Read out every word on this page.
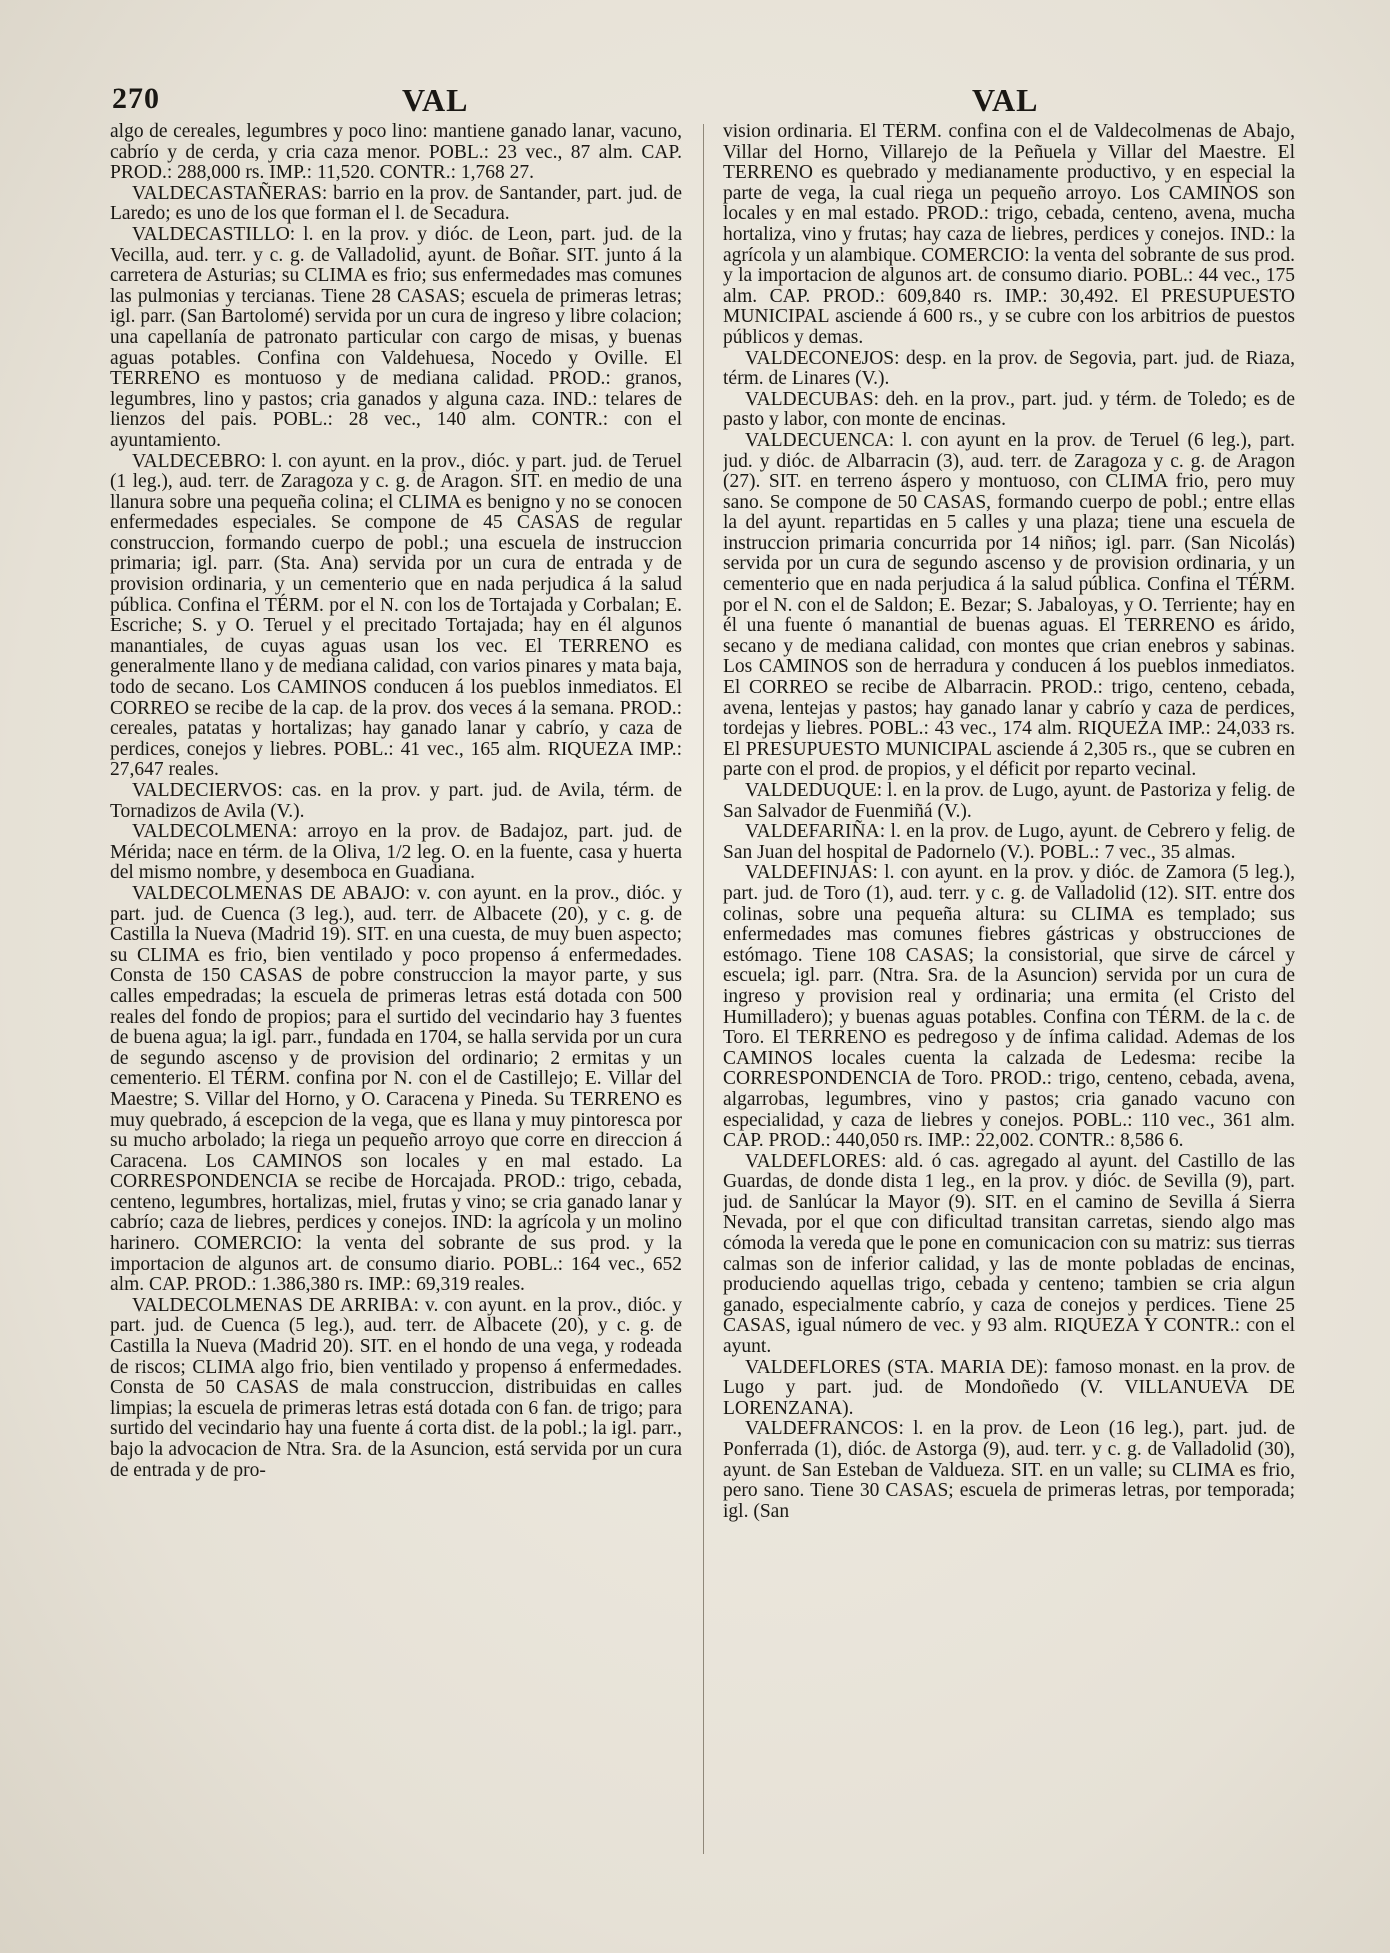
270	VAL	VAL

algo de cereales, legumbres y poco lino: mantiene ganado lanar, vacuno, cabrío y de cerda, y cria caza menor. POBL.: 23 vec., 87 alm. CAP. PROD.: 288,000 rs. IMP.: 11,520. CONTR.: 1,768 27.

VALDECASTAÑERAS: barrio en la prov. de Santander, part. jud. de Laredo; es uno de los que forman el l. de Secadura.

VALDECASTILLO: l. en la prov. y dióc. de Leon, part. jud. de la Vecilla, aud. terr. y c. g. de Valladolid, ayunt. de Boñar. SIT. junto á la carretera de Asturias; su CLIMA es frio; sus enfermedades mas comunes las pulmonias y tercianas. Tiene 28 CASAS; escuela de primeras letras; igl. parr. (San Bartolomé) servida por un cura de ingreso y libre colacion; una capellanía de patronato particular con cargo de misas, y buenas aguas potables. Confina con Valdehuesa, Nocedo y Oville. El TERRENO es montuoso y de mediana calidad. PROD.: granos, legumbres, lino y pastos; cria ganados y alguna caza. IND.: telares de lienzos del pais. POBL.: 28 vec., 140 alm. CONTR.: con el ayuntamiento.

VALDECEBRO: l. con ayunt. en la prov., dióc. y part. jud. de Teruel (1 leg.), aud. terr. de Zaragoza y c. g. de Aragon. SIT. en medio de una llanura sobre una pequeña colina; el CLIMA es benigno y no se conocen enfermedades especiales. Se compone de 45 CASAS de regular construccion, formando cuerpo de pobl.; una escuela de instruccion primaria; igl. parr. (Sta. Ana) servida por un cura de entrada y de provision ordinaria, y un cementerio que en nada perjudica á la salud pública. Confina el TÉRM. por el N. con los de Tortajada y Corbalan; E. Escriche; S. y O. Teruel y el precitado Tortajada; hay en él algunos manantiales, de cuyas aguas usan los vec. El TERRENO es generalmente llano y de mediana calidad, con varios pinares y mata baja, todo de secano. Los CAMINOS conducen á los pueblos inmediatos. El CORREO se recibe de la cap. de la prov. dos veces á la semana. PROD.: cereales, patatas y hortalizas; hay ganado lanar y cabrío, y caza de perdices, conejos y liebres. POBL.: 41 vec., 165 alm. RIQUEZA IMP.: 27,647 reales.

VALDECIERVOS: cas. en la prov. y part. jud. de Avila, térm. de Tornadizos de Avila (V.).

VALDECOLMENA: arroyo en la prov. de Badajoz, part. jud. de Mérida; nace en térm. de la Oliva, 1/2 leg. O. en la fuente, casa y huerta del mismo nombre, y desemboca en Guadiana.

VALDECOLMENAS DE ABAJO: v. con ayunt. en la prov., dióc. y part. jud. de Cuenca (3 leg.), aud. terr. de Albacete (20), y c. g. de Castilla la Nueva (Madrid 19). SIT. en una cuesta, de muy buen aspecto; su CLIMA es frio, bien ventilado y poco propenso á enfermedades. Consta de 150 CASAS de pobre construccion la mayor parte, y sus calles empedradas; la escuela de primeras letras está dotada con 500 reales del fondo de propios; para el surtido del vecindario hay 3 fuentes de buena agua; la igl. parr., fundada en 1704, se halla servida por un cura de segundo ascenso y de provision del ordinario; 2 ermitas y un cementerio. El TÉRM. confina por N. con el de Castillejo; E. Villar del Maestre; S. Villar del Horno, y O. Caracena y Pineda. Su TERRENO es muy quebrado, á escepcion de la vega, que es llana y muy pintoresca por su mucho arbolado; la riega un pequeño arroyo que corre en direccion á Caracena. Los CAMINOS son locales y en mal estado. La CORRESPONDENCIA se recibe de Horcajada. PROD.: trigo, cebada, centeno, legumbres, hortalizas, miel, frutas y vino; se cria ganado lanar y cabrío; caza de liebres, perdices y conejos. IND: la agrícola y un molino harinero. COMERCIO: la venta del sobrante de sus prod. y la importacion de algunos art. de consumo diario. POBL.: 164 vec., 652 alm. CAP. PROD.: 1.386,380 rs. IMP.: 69,319 reales.

VALDECOLMENAS DE ARRIBA: v. con ayunt. en la prov., dióc. y part. jud. de Cuenca (5 leg.), aud. terr. de Albacete (20), y c. g. de Castilla la Nueva (Madrid 20). SIT. en el hondo de una vega, y rodeada de riscos; CLIMA algo frio, bien ventilado y propenso á enfermedades. Consta de 50 CASAS de mala construccion, distribuidas en calles limpias; la escuela de primeras letras está dotada con 6 fan. de trigo; para surtido del vecindario hay una fuente á corta dist. de la pobl.; la igl. parr., bajo la advocacion de Ntra. Sra. de la Asuncion, está servida por un cura de entrada y de pro-

vision ordinaria. El TÉRM. confina con el de Valdecolmenas de Abajo, Villar del Horno, Villarejo de la Peñuela y Villar del Maestre. El TERRENO es quebrado y medianamente productivo, y en especial la parte de vega, la cual riega un pequeño arroyo. Los CAMINOS son locales y en mal estado. PROD.: trigo, cebada, centeno, avena, mucha hortaliza, vino y frutas; hay caza de liebres, perdices y conejos. IND.: la agrícola y un alambique. COMERCIO: la venta del sobrante de sus prod. y la importacion de algunos art. de consumo diario. POBL.: 44 vec., 175 alm. CAP. PROD.: 609,840 rs. IMP.: 30,492. El PRESUPUESTO MUNICIPAL asciende á 600 rs., y se cubre con los arbitrios de puestos públicos y demas.

VALDECONEJOS: desp. en la prov. de Segovia, part. jud. de Riaza, térm. de Linares (V.).

VALDECUBAS: deh. en la prov., part. jud. y térm. de Toledo; es de pasto y labor, con monte de encinas.

VALDECUENCA: l. con ayunt en la prov. de Teruel (6 leg.), part. jud. y dióc. de Albarracin (3), aud. terr. de Zaragoza y c. g. de Aragon (27). SIT. en terreno áspero y montuoso, con CLIMA frio, pero muy sano. Se compone de 50 CASAS, formando cuerpo de pobl.; entre ellas la del ayunt. repartidas en 5 calles y una plaza; tiene una escuela de instruccion primaria concurrida por 14 niños; igl. parr. (San Nicolás) servida por un cura de segundo ascenso y de provision ordinaria, y un cementerio que en nada perjudica á la salud pública. Confina el TÉRM. por el N. con el de Saldon; E. Bezar; S. Jabaloyas, y O. Terriente; hay en él una fuente ó manantial de buenas aguas. El TERRENO es árido, secano y de mediana calidad, con montes que crian enebros y sabinas. Los CAMINOS son de herradura y conducen á los pueblos inmediatos. El CORREO se recibe de Albarracin. PROD.: trigo, centeno, cebada, avena, lentejas y pastos; hay ganado lanar y cabrío y caza de perdices, tordejas y liebres. POBL.: 43 vec., 174 alm. RIQUEZA IMP.: 24,033 rs. El PRESUPUESTO MUNICIPAL asciende á 2,305 rs., que se cubren en parte con el prod. de propios, y el déficit por reparto vecinal.

VALDEDUQUE: l. en la prov. de Lugo, ayunt. de Pastoriza y felig. de San Salvador de Fuenmiñá (V.).

VALDEFARIÑA: l. en la prov. de Lugo, ayunt. de Cebrero y felig. de San Juan del hospital de Padornelo (V.). POBL.: 7 vec., 35 almas.

VALDEFINJAS: l. con ayunt. en la prov. y dióc. de Zamora (5 leg.), part. jud. de Toro (1), aud. terr. y c. g. de Valladolid (12). SIT. entre dos colinas, sobre una pequeña altura: su CLIMA es templado; sus enfermedades mas comunes fiebres gástricas y obstrucciones de estómago. Tiene 108 CASAS; la consistorial, que sirve de cárcel y escuela; igl. parr. (Ntra. Sra. de la Asuncion) servida por un cura de ingreso y provision real y ordinaria; una ermita (el Cristo del Humilladero); y buenas aguas potables. Confina con TÉRM. de la c. de Toro. El TERRENO es pedregoso y de ínfima calidad. Ademas de los CAMINOS locales cuenta la calzada de Ledesma: recibe la CORRESPONDENCIA de Toro. PROD.: trigo, centeno, cebada, avena, algarrobas, legumbres, vino y pastos; cria ganado vacuno con especialidad, y caza de liebres y conejos. POBL.: 110 vec., 361 alm. CAP. PROD.: 440,050 rs. IMP.: 22,002. CONTR.: 8,586 6.

VALDEFLORES: ald. ó cas. agregado al ayunt. del Castillo de las Guardas, de donde dista 1 leg., en la prov. y dióc. de Sevilla (9), part. jud. de Sanlúcar la Mayor (9). SIT. en el camino de Sevilla á Sierra Nevada, por el que con dificultad transitan carretas, siendo algo mas cómoda la vereda que le pone en comunicacion con su matriz: sus tierras calmas son de inferior calidad, y las de monte pobladas de encinas, produciendo aquellas trigo, cebada y centeno; tambien se cria algun ganado, especialmente cabrío, y caza de conejos y perdices. Tiene 25 CASAS, igual número de vec. y 93 alm. RIQUEZA Y CONTR.: con el ayunt.

VALDEFLORES (STA. MARIA DE): famoso monast. en la prov. de Lugo y part. jud. de Mondoñedo (V. VILLANUEVA DE LORENZANA).

VALDEFRANCOS: l. en la prov. de Leon (16 leg.), part. jud. de Ponferrada (1), dióc. de Astorga (9), aud. terr. y c. g. de Valladolid (30), ayunt. de San Esteban de Valdueza. SIT. en un valle; su CLIMA es frio, pero sano. Tiene 30 CASAS; escuela de primeras letras, por temporada; igl. (San
